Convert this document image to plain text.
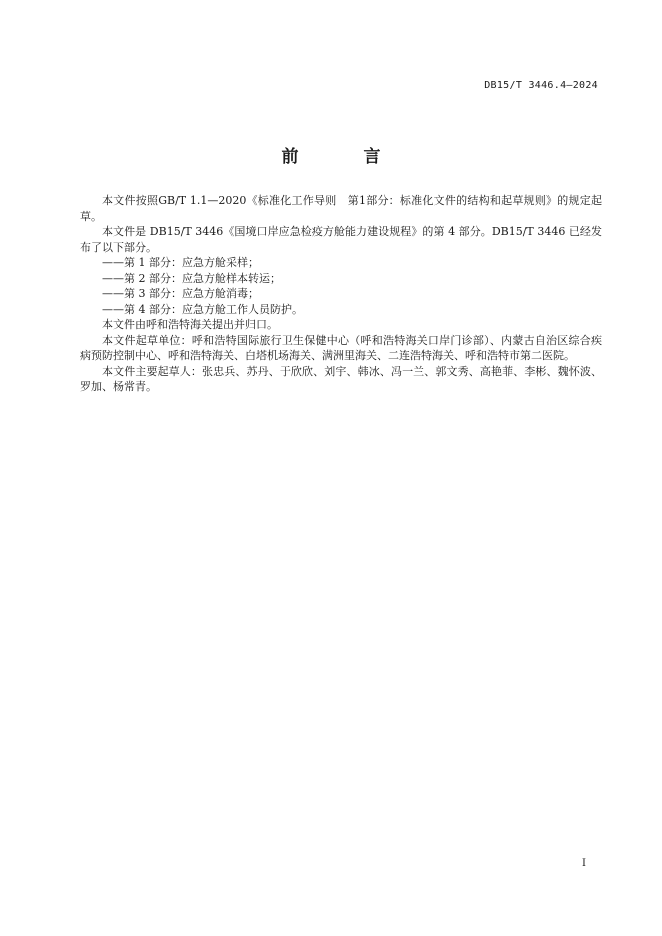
DB15/T 3446.4—2024
前　言

本文件按照GB/T 1.1—2020《标准化工作导则　第1部分：标准化文件的结构和起草规则》的规定起草。

本文件是 DB15/T 3446《国境口岸应急检疫方舱能力建设规程》的第 4 部分。DB15/T 3446 已经发布了以下部分。

——第 1 部分：应急方舱采样；

——第 2 部分：应急方舱样本转运；

——第 3 部分：应急方舱消毒；

——第 4 部分：应急方舱工作人员防护。

本文件由呼和浩特海关提出并归口。

本文件起草单位：呼和浩特国际旅行卫生保健中心（呼和浩特海关口岸门诊部）、内蒙古自治区综合疾病预防控制中心、呼和浩特海关、白塔机场海关、满洲里海关、二连浩特海关、呼和浩特市第二医院。

本文件主要起草人：张忠兵、苏丹、于欣欣、刘宇、韩冰、冯一兰、郭文秀、高艳菲、李彬、魏怀波、罗加、杨常青。

I
